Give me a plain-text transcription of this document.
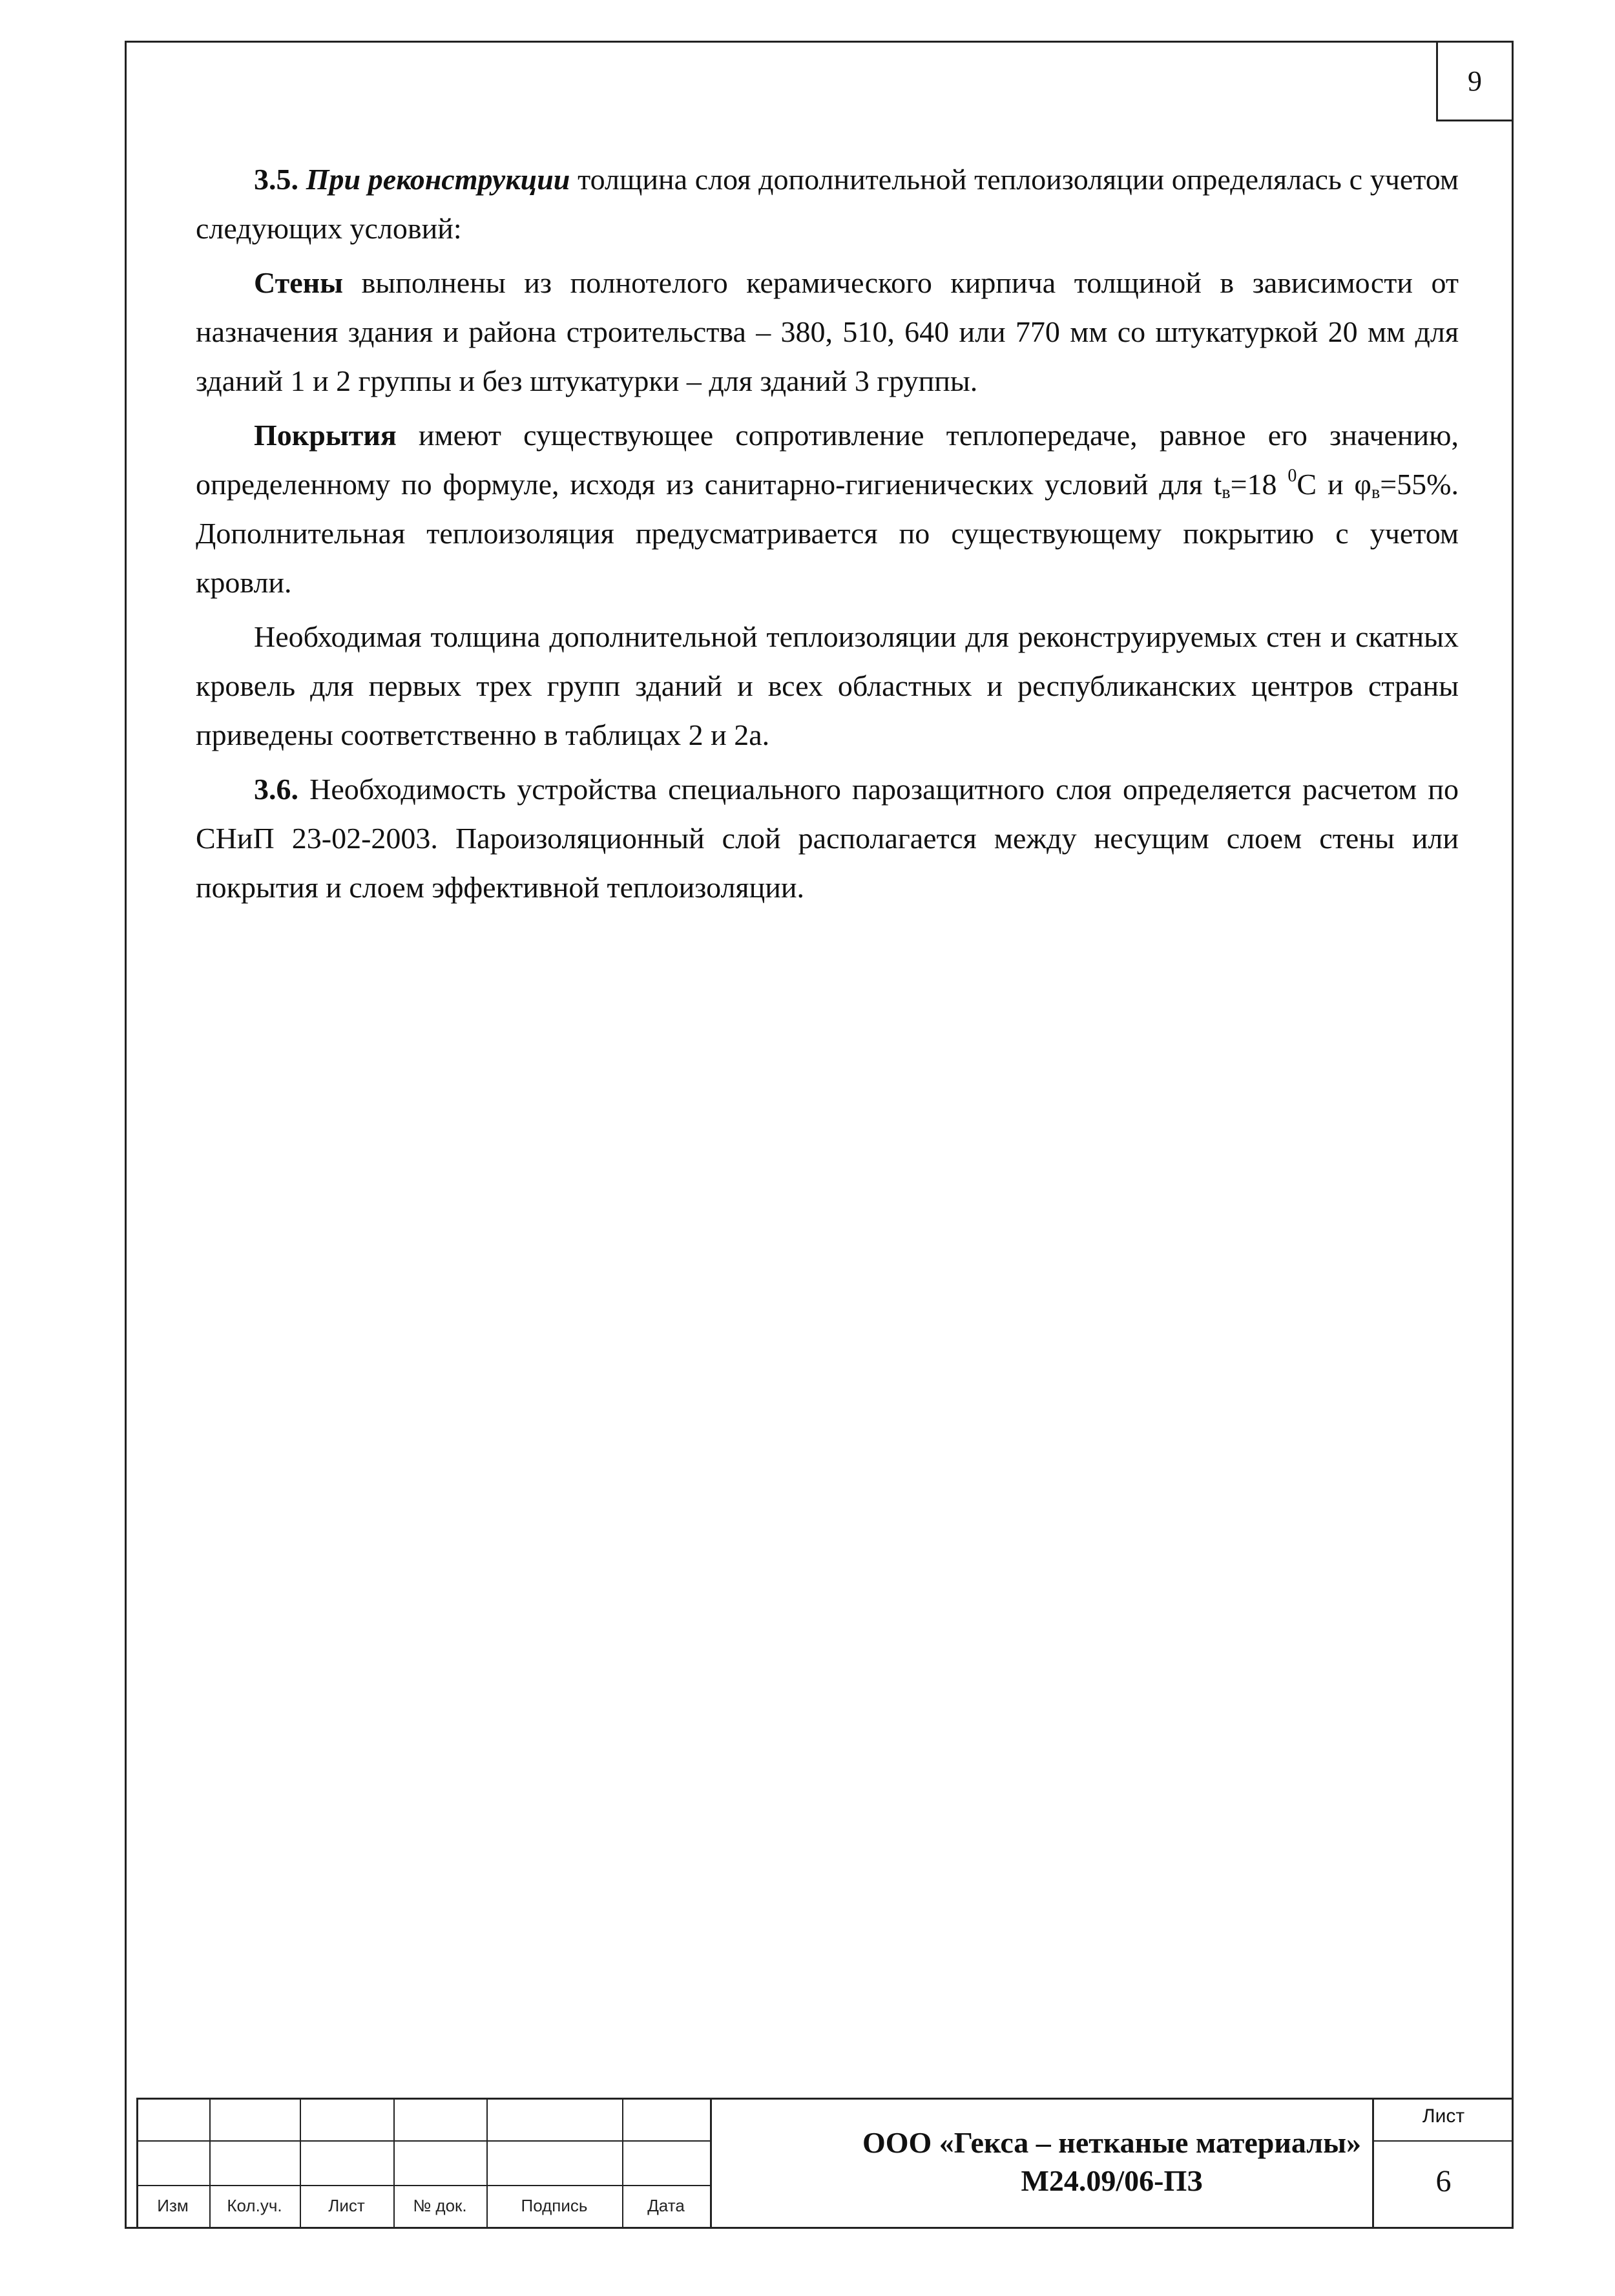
9

3.5. При реконструкции толщина слоя дополнительной теплоизоляции определялась с учетом следующих условий:

Стены выполнены из полнотелого керамического кирпича толщиной в зависимости от назначения здания и района строительства – 380, 510, 640 или 770 мм со штукатуркой 20 мм для зданий 1 и 2 группы и без штукатурки – для зданий 3 группы.

Покрытия имеют существующее сопротивление теплопередаче, равное его значению, определенному по формуле, исходя из санитарно-гигиенических условий для $t_в=18$ $^0$С и $\varphi_в=55\%$. Дополнительная теплоизоляция предусматривается по существующему покрытию с учетом кровли.

Необходимая толщина дополнительной теплоизоляции для реконструируемых стен и скатных кровель для первых трех групп зданий и всех областных и республиканских центров страны приведены соответственно в таблицах 2 и 2а.

3.6. Необходимость устройства специального парозащитного слоя определяется расчетом по СНиП 23-02-2003. Пароизоляционный слой располагается между несущим слоем стены или покрытия и слоем эффективной теплоизоляции.

Изм	Кол.уч.	Лист	№ док.	Подпись	Дата
ООО «Гекса – нетканые материалы»
М24.09/06-ПЗ
Лист
6
